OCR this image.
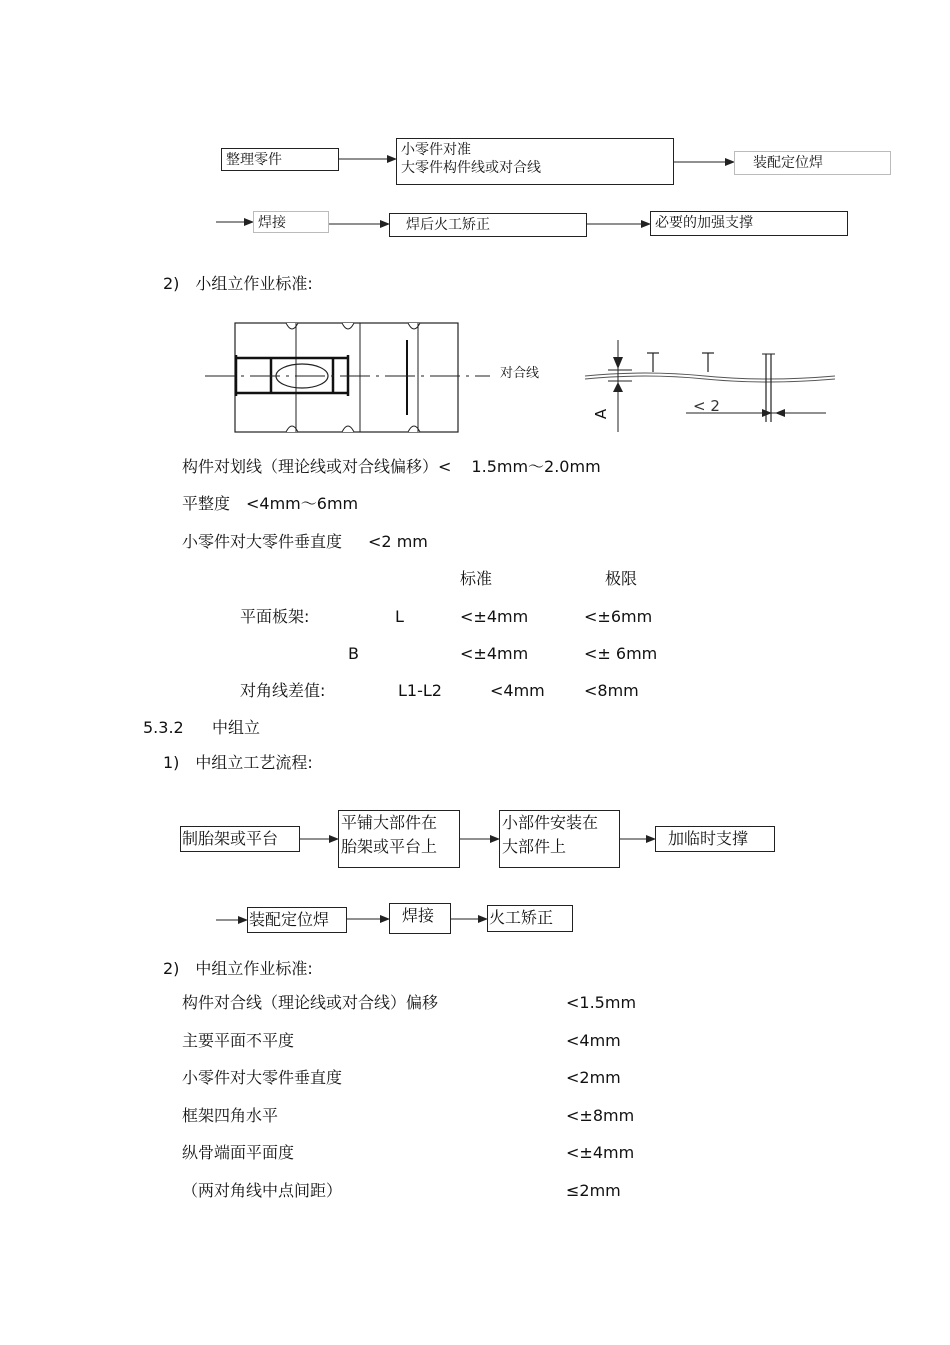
整理零件
小零件对准
大零件构件线或对合线	装配定位焊
焊接	焊后火工矫正	必要的加强支撑
2)　小组立作业标准:
对合线
A	< 2
构件对划线（理论线或对合线偏移）< 1.5mm～2.0mm
平整度　<4mm～6mm
小零件对大零件垂直度 <2 mm
标准	极限
平面板架:	L	<±4mm	<±6mm
B	<±4mm	<± 6mm
对角线差值:	L1-L2	<4mm <8mm
5.3.2 中组立
1)　中组立工艺流程:
制胎架或平台
平铺大部件在
胎架或平台上
小部件安装在
大部件上	加临时支撑
装配定位焊	焊接	火工矫正
2)　中组立作业标准:
构件对合线（理论线或对合线）偏移	<1.5mm
主要平面不平度	<4mm
小零件对大零件垂直度	<2mm
框架四角水平	<±8mm
纵骨端面平面度	<±4mm
（两对角线中点间距）	≤2mm
